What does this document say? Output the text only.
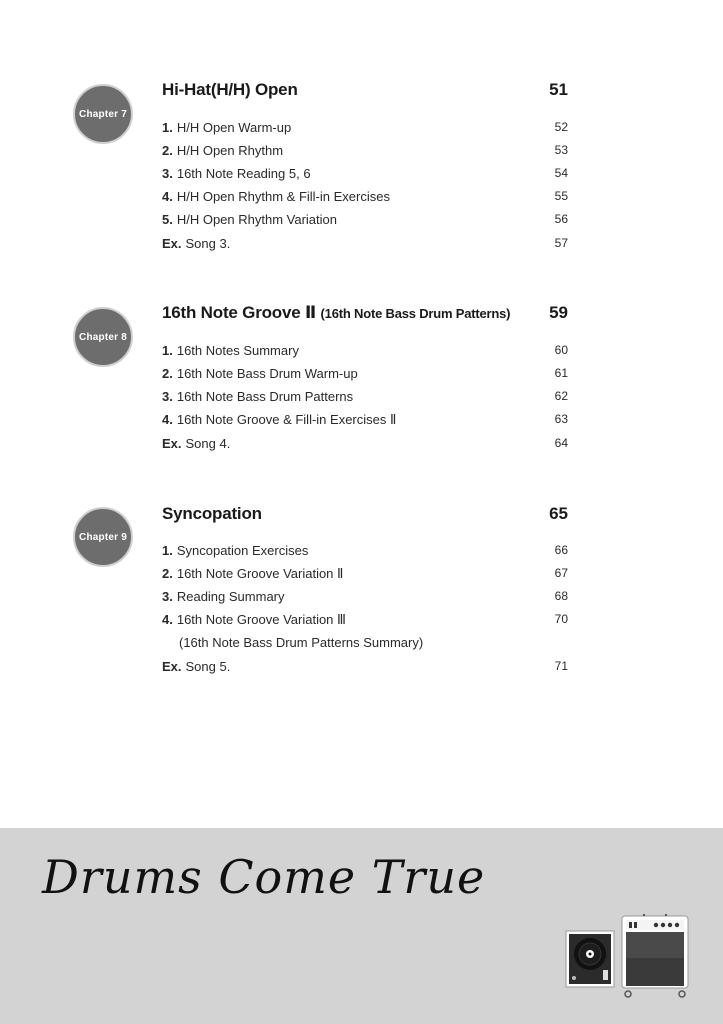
Chapter 7
Hi-Hat(H/H) Open	51
1. H/H Open Warm-up	52
2. H/H Open Rhythm	53
3. 16th Note Reading 5, 6	54
4. H/H Open Rhythm & Fill-in Exercises	55
5. H/H Open Rhythm Variation	56
Ex. Song 3.	57
Chapter 8
16th Note Groove Ⅱ (16th Note Bass Drum Patterns) 59
1. 16th Notes Summary	60
2. 16th Note Bass Drum Warm-up	61
3. 16th Note Bass Drum Patterns	62
4. 16th Note Groove & Fill-in Exercises Ⅱ	63
Ex. Song 4.	64
Chapter 9
Syncopation	65
1. Syncopation Exercises	66
2. 16th Note Groove Variation Ⅱ	67
3. Reading Summary	68
4. 16th Note Groove Variation Ⅲ	70
(16th Note Bass Drum Patterns Summary)
Ex. Song 5.	71
Drums Come True
